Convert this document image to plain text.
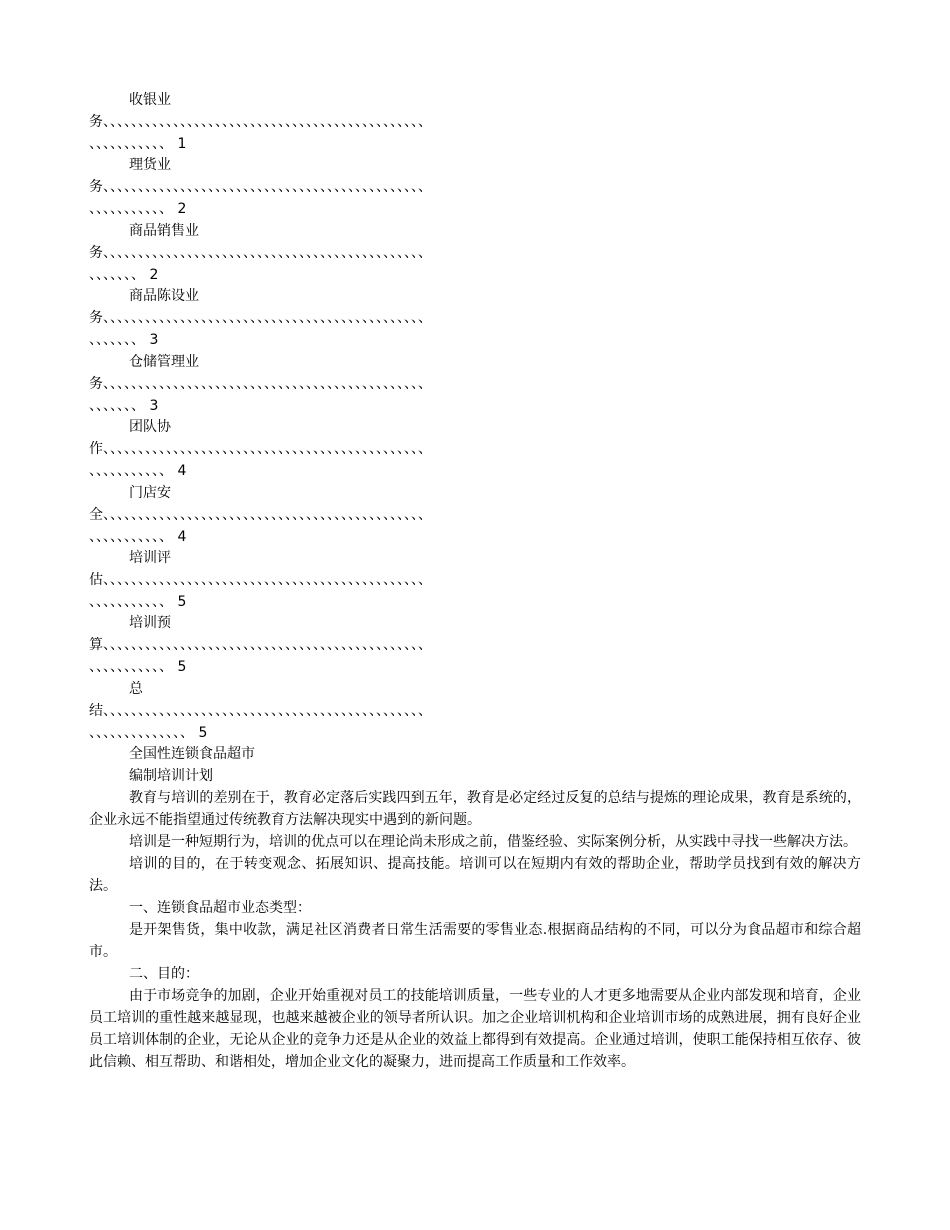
收银业
务、、、、、、、、、、、、、、、、、、、、、、、、、、、、、、、、、、、、、、、、、、、、、、
、、、、、、、、、、、 1
理货业
务、、、、、、、、、、、、、、、、、、、、、、、、、、、、、、、、、、、、、、、、、、、、、、
、、、、、、、、、、、 2
商品销售业
务、、、、、、、、、、、、、、、、、、、、、、、、、、、、、、、、、、、、、、、、、、、、、、
、、、、、、、 2
商品陈设业
务、、、、、、、、、、、、、、、、、、、、、、、、、、、、、、、、、、、、、、、、、、、、、、
、、、、、、、 3
仓储管理业
务、、、、、、、、、、、、、、、、、、、、、、、、、、、、、、、、、、、、、、、、、、、、、、
、、、、、、、 3
团队协
作、、、、、、、、、、、、、、、、、、、、、、、、、、、、、、、、、、、、、、、、、、、、、、
、、、、、、、、、、、 4
门店安
全、、、、、、、、、、、、、、、、、、、、、、、、、、、、、、、、、、、、、、、、、、、、、、
、、、、、、、、、、、 4
培训评
估、、、、、、、、、、、、、、、、、、、、、、、、、、、、、、、、、、、、、、、、、、、、、、
、、、、、、、、、、、 5
培训预
算、、、、、、、、、、、、、、、、、、、、、、、、、、、、、、、、、、、、、、、、、、、、、、
、、、、、、、、、、、 5
总
结、、、、、、、、、、、、、、、、、、、、、、、、、、、、、、、、、、、、、、、、、、、、、、
、、、、、、、、、、、、、、 5

全国性连锁食品超市

编制培训计划

教育与培训的差别在于，教育必定落后实践四到五年，教育是必定经过反复的总结与提炼的理论成果，教育是系统的，企业永远不能指望通过传统教育方法解决现实中遇到的新问题。

培训是一种短期行为，培训的优点可以在理论尚未形成之前，借鉴经验、实际案例分析，从实践中寻找一些解决方法。

培训的目的，在于转变观念、拓展知识、提高技能。培训可以在短期内有效的帮助企业，帮助学员找到有效的解决方法。

一、连锁食品超市业态类型：

是开架售货，集中收款，满足社区消费者日常生活需要的零售业态.根据商品结构的不同，可以分为食品超市和综合超市。

二、目的：

由于市场竞争的加剧，企业开始重视对员工的技能培训质量，一些专业的人才更多地需要从企业内部发现和培育，企业员工培训的重性越来越显现，也越来越被企业的领导者所认识。加之企业培训机构和企业培训市场的成熟进展，拥有良好企业员工培训体制的企业，无论从企业的竞争力还是从企业的效益上都得到有效提高。企业通过培训，使职工能保持相互依存、彼此信赖、相互帮助、和谐相处，增加企业文化的凝聚力，进而提高工作质量和工作效率。
